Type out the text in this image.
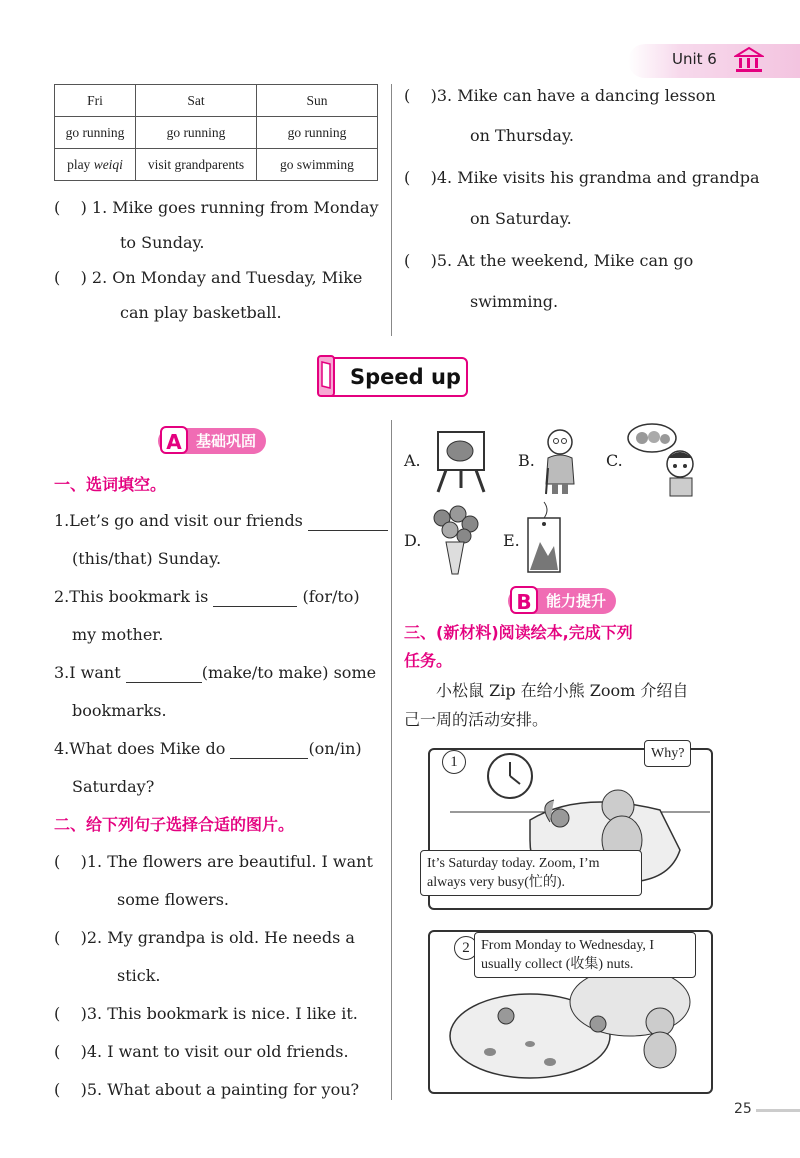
Unit 6
Fri	Sat	Sun
go running	go running	go running
play weiqi	visit grandparents	go swimming
(    ) 1. Mike goes running from Monday
to Sunday.
(    ) 2. On Monday and Tuesday, Mike
can play basketball.
(    )3. Mike can have a dancing lesson
on Thursday.
(    )4. Mike visits his grandma and grandpa
on Saturday.
(    )5. At the weekend, Mike can go
swimming.
Speed up
A 基础巩固
一、选词填空。
1.Let’s go and visit our friends
(this/that) Sunday.
2.This bookmark is	(for/to)
my mother.
3.I want	(make/to make) some
bookmarks.
4.What does Mike do	(on/in)
Saturday?
二、给下列句子选择合适的图片。
(    )1. The flowers are beautiful. I want
some flowers.
(    )2. My grandpa is old. He needs a
stick.
(    )3. This bookmark is nice. I like it.
(    )4. I want to visit our old friends.
(    )5. What about a painting for you?
A.	B.	C.
D.	E.
B 能力提升
三、(新材料)阅读绘本,完成下列
任务。
小松鼠 Zip 在给小熊 Zoom 介绍自
己一周的活动安排。
1
Why?
It’s Saturday today. Zoom, I’m
always very busy(忙的).
2 From Monday to Wednesday, I
usually collect (收集) nuts.
25
